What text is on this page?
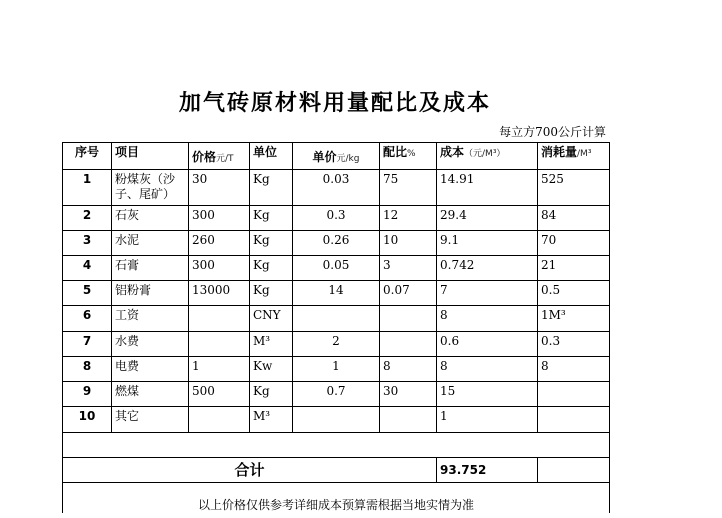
加气砖原材料用量配比及成本
每立方700公斤计算
序号	项目	价格元/T	单位	单价元/kg	配比%	成本（元/M³）	消耗量/M³
1	粉煤灰（沙子、尾矿）	30	Kg	0.03	75	14.91	525
2	石灰	300	Kg	0.3	12	29.4	84
3	水泥	260	Kg	0.26	10	9.1	70
4	石膏	300	Kg	0.05	3	0.742	21
5	铝粉膏	13000	Kg	14	0.07	7	0.5
6	工资		CNY			8	1M³
7	水费		M³	2		0.6	0.3
8	电费	1	Kw	1	8	8	8
9	燃煤	500	Kg	0.7	30	15	
10	其它		M³			1	

合计						93.752	
以上价格仅供参考详细成本预算需根据当地实情为准							
